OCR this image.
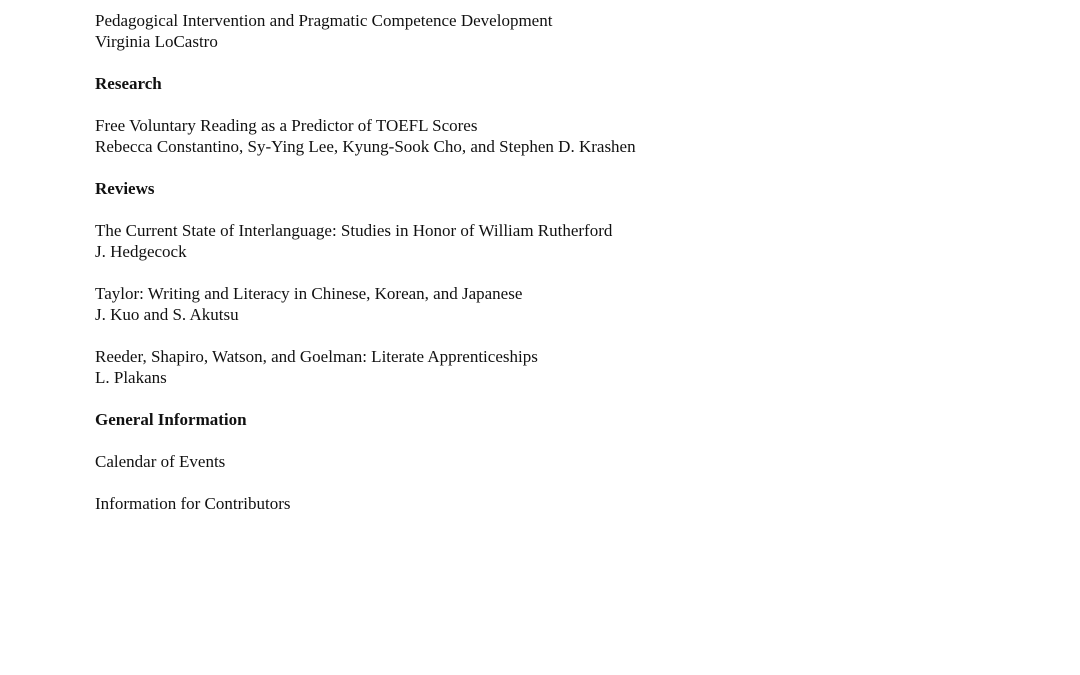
Pedagogical Intervention and Pragmatic Competence Development
Virginia LoCastro
Research
Free Voluntary Reading as a Predictor of TOEFL Scores
Rebecca Constantino, Sy-Ying Lee, Kyung-Sook Cho, and Stephen D. Krashen
Reviews
The Current State of Interlanguage: Studies in Honor of William Rutherford
J. Hedgecock
Taylor: Writing and Literacy in Chinese, Korean, and Japanese
J. Kuo and S. Akutsu
Reeder, Shapiro, Watson, and Goelman: Literate Apprenticeships
L. Plakans
General Information
Calendar of Events
Information for Contributors
